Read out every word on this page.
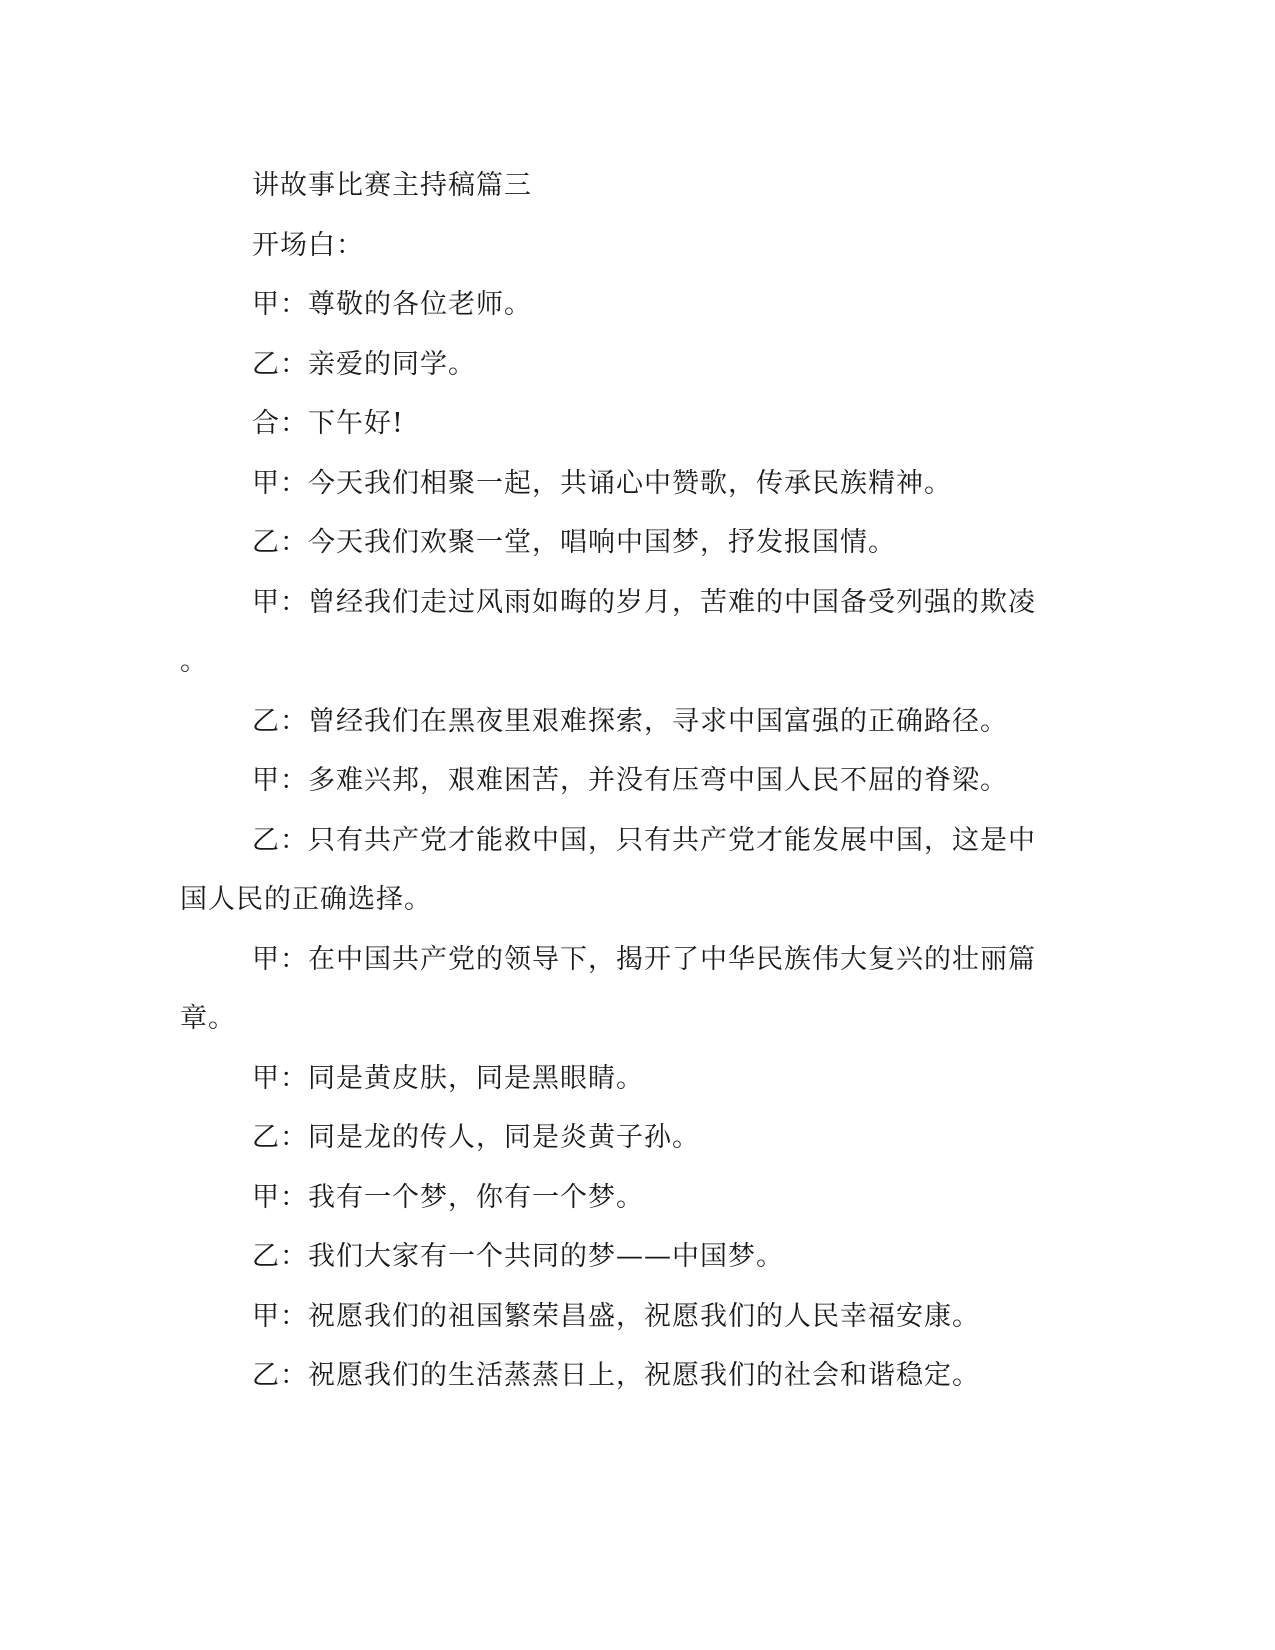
讲故事比赛主持稿篇三
开场白：
甲：尊敬的各位老师。
乙：亲爱的同学。
合：下午好!
甲：今天我们相聚一起，共诵心中赞歌，传承民族精神。
乙：今天我们欢聚一堂，唱响中国梦，抒发报国情。
甲：曾经我们走过风雨如晦的岁月，苦难的中国备受列强的欺凌
。
乙：曾经我们在黑夜里艰难探索，寻求中国富强的正确路径。
甲：多难兴邦，艰难困苦，并没有压弯中国人民不屈的脊梁。
乙：只有共产党才能救中国，只有共产党才能发展中国，这是中
国人民的正确选择。
甲：在中国共产党的领导下，揭开了中华民族伟大复兴的壮丽篇
章。
甲：同是黄皮肤，同是黑眼睛。
乙：同是龙的传人，同是炎黄子孙。
甲：我有一个梦，你有一个梦。
乙：我们大家有一个共同的梦——中国梦。
甲：祝愿我们的祖国繁荣昌盛，祝愿我们的人民幸福安康。
乙：祝愿我们的生活蒸蒸日上，祝愿我们的社会和谐稳定。
